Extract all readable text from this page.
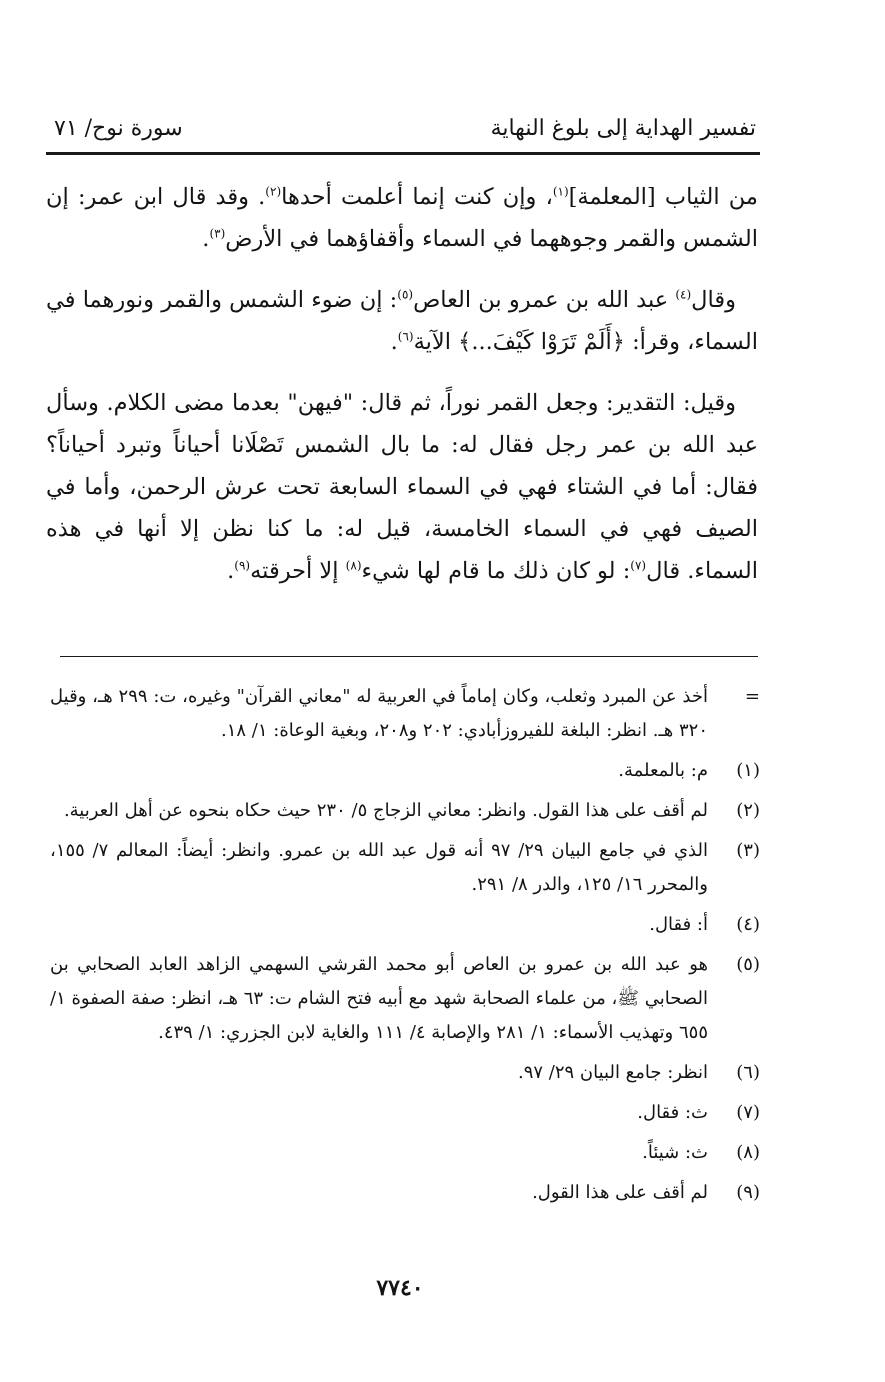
تفسير الهداية إلى بلوغ النهاية
سورة نوح/ ٧١

من الثياب [المعلمة]$^{(١)}$، وإن كنت إنما أعلمت أحدها$^{(٢)}$. وقد قال ابن عمر: إن الشمس والقمر وجوههما في السماء وأقفاؤهما في الأرض$^{(٣)}$.

وقال$^{(٤)}$ عبد الله بن عمرو بن العاص$^{(٥)}$: إن ضوء الشمس والقمر ونورهما في السماء، وقرأ: ﴿أَلَمْ تَرَوْا كَيْفَ...﴾ الآية$^{(٦)}$.

وقيل: التقدير: وجعل القمر نوراً، ثم قال: "فيهن" بعدما مضى الكلام. وسأل عبد الله بن عمر رجل فقال له: ما بال الشمس تَصْلَانا أحياناً وتبرد أحياناً؟ فقال: أما في الشتاء فهي في السماء السابعة تحت عرش الرحمن، وأما في الصيف فهي في السماء الخامسة، قيل له: ما كنا نظن إلا أنها في هذه السماء. قال$^{(٧)}$: لو كان ذلك ما قام لها شيء$^{(٨)}$ إلا أحرقته$^{(٩)}$.

=
أخذ عن المبرد وثعلب، وكان إماماً في العربية له "معاني القرآن" وغيره، ت: ٢٩٩ هـ، وقيل ٣٢٠ هـ. انظر: البلغة للفيروزأبادي: ٢٠٢ و٢٠٨، وبغية الوعاة: ١/ ١٨.
(١)
م: بالمعلمة.
(٢)
لم أقف على هذا القول. وانظر: معاني الزجاج ٥/ ٢٣٠ حيث حكاه بنحوه عن أهل العربية.
(٣)
الذي في جامع البيان ٢٩/ ٩٧ أنه قول عبد الله بن عمرو. وانظر: أيضاً: المعالم ٧/ ١٥٥، والمحرر ١٦/ ١٢٥، والدر ٨/ ٢٩١.
(٤)
أ: فقال.
(٥)
هو عبد الله بن عمرو بن العاص أبو محمد القرشي السهمي الزاهد العابد الصحابي بن الصحابي ﷺ، من علماء الصحابة شهد مع أبيه فتح الشام ت: ٦٣ هـ، انظر: صفة الصفوة ١/ ٦٥٥ وتهذيب الأسماء: ١/ ٢٨١ والإصابة ٤/ ١١١ والغاية لابن الجزري: ١/ ٤٣٩.
(٦)
انظر: جامع البيان ٢٩/ ٩٧.
(٧)
ث: فقال.
(٨)
ث: شيئاً.
(٩)
لم أقف على هذا القول.
٧٧٤٠
